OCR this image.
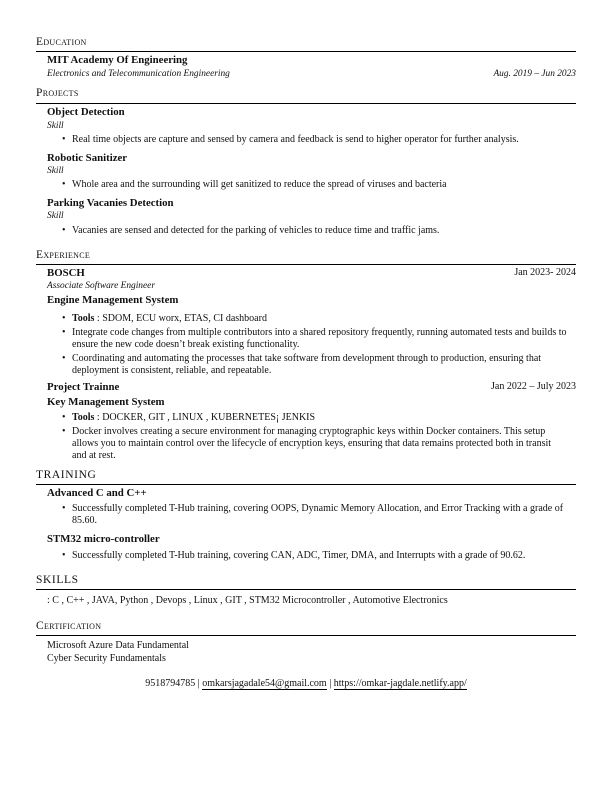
Education
MIT Academy Of Engineering
Electronics and Telecommunication Engineering	Aug. 2019 – Jun 2023
Projects
Object Detection
Skill
• Real time objects are capture and sensed by camera and feedback is send to higher operator for further analysis.
Robotic Sanitizer
Skill
• Whole area and the surrounding will get sanitized to reduce the spread of viruses and bacteria
Parking Vacanies Detection
Skill
• Vacanies are sensed and detected for the parking of vehicles to reduce time and traffic jams.
Experience
BOSCH	Jan 2023- 2024
Associate Software Engineer
Engine Management System
• Tools : SDOM, ECU worx, ETAS, CI dashboard
• Integrate code changes from multiple contributors into a shared repository frequently, running automated tests and builds to ensure the new code doesn’t break existing functionality.
• Coordinating and automating the processes that take software from development through to production, ensuring that deployment is consistent, reliable, and repeatable.
Project Trainne	Jan 2022 – July 2023
Key Management System
• Tools : DOCKER, GIT , LINUX , KUBERNETES¡ JENKIS
• Docker involves creating a secure environment for managing cryptographic keys within Docker containers. This setup allows you to maintain control over the lifecycle of encryption keys, ensuring that data remains protected both in transit and at rest.
TRAINING
Advanced C and C++
• Successfully completed T-Hub training, covering OOPS, Dynamic Memory Allocation, and Error Tracking with a grade of 85.60.
STM32 micro-controller
• Successfully completed T-Hub training, covering CAN, ADC, Timer, DMA, and Interrupts with a grade of 90.62.
SKILLS
: C , C++ , JAVA, Python , Devops , Linux , GIT , STM32 Microcontroller , Automotive Electronics
Certification
Microsoft Azure Data Fundamental
Cyber Security Fundamentals
9518794785 | omkarsjagadale54@gmail.com | https://omkar-jagdale.netlify.app/
